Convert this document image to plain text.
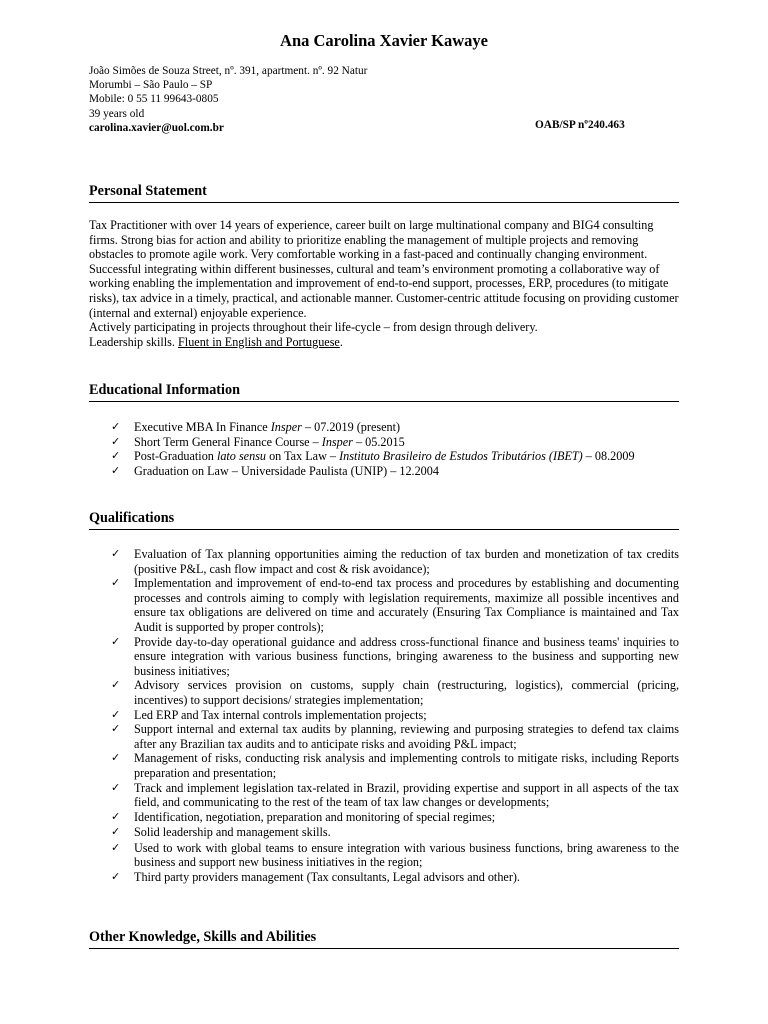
Ana Carolina Xavier Kawaye
João Simões de Souza Street, nº. 391, apartment. nº. 92 Natur
Morumbi – São Paulo – SP
Mobile: 0 55 11 99643-0805
39 years old
carolina.xavier@uol.com.br	OAB/SP nº240.463
Personal Statement

Tax Practitioner with over 14 years of experience, career built on large multinational company and BIG4 consulting firms. Strong bias for action and ability to prioritize enabling the management of multiple projects and removing obstacles to promote agile work. Very comfortable working in a fast-paced and continually changing environment. Successful integrating within different businesses, cultural and team’s environment promoting a collaborative way of working enabling the implementation and improvement of end-to-end support, processes, ERP, procedures (to mitigate risks), tax advice in a timely, practical, and actionable manner. Customer-centric attitude focusing on providing customer (internal and external) enjoyable experience.

Actively participating in projects throughout their life-cycle – from design through delivery.

Leadership skills. Fluent in English and Portuguese.

Educational Information
✓	Executive MBA In Finance Insper – 07.2019 (present)
✓	Short Term General Finance Course – Insper – 05.2015
✓	Post-Graduation lato sensu on Tax Law – Instituto Brasileiro de Estudos Tributários (IBET) – 08.2009
✓	Graduation on Law – Universidade Paulista (UNIP) – 12.2004
Qualifications
✓	Evaluation of Tax planning opportunities aiming the reduction of tax burden and monetization of tax credits (positive P&L, cash flow impact and cost & risk avoidance);
✓	Implementation and improvement of end-to-end tax process and procedures by establishing and documenting processes and controls aiming to comply with legislation requirements, maximize all possible incentives and ensure tax obligations are delivered on time and accurately (Ensuring Tax Compliance is maintained and Tax Audit is supported by proper controls);
✓	Provide day-to-day operational guidance and address cross-functional finance and business teams' inquiries to ensure integration with various business functions, bringing awareness to the business and supporting new business initiatives;
✓	Advisory services provision on customs, supply chain (restructuring, logistics), commercial (pricing, incentives) to support decisions/ strategies implementation;
✓	Led ERP and Tax internal controls implementation projects;
✓	Support internal and external tax audits by planning, reviewing and purposing strategies to defend tax claims after any Brazilian tax audits and to anticipate risks and avoiding P&L impact;
✓	Management of risks, conducting risk analysis and implementing controls to mitigate risks, including Reports preparation and presentation;
✓	Track and implement legislation tax-related in Brazil, providing expertise and support in all aspects of the tax field, and communicating to the rest of the team of tax law changes or developments;
✓	Identification, negotiation, preparation and monitoring of special regimes;
✓	Solid leadership and management skills.
✓	Used to work with global teams to ensure integration with various business functions, bring awareness to the business and support new business initiatives in the region;
✓	Third party providers management (Tax consultants, Legal advisors and other).
Other Knowledge, Skills and Abilities
